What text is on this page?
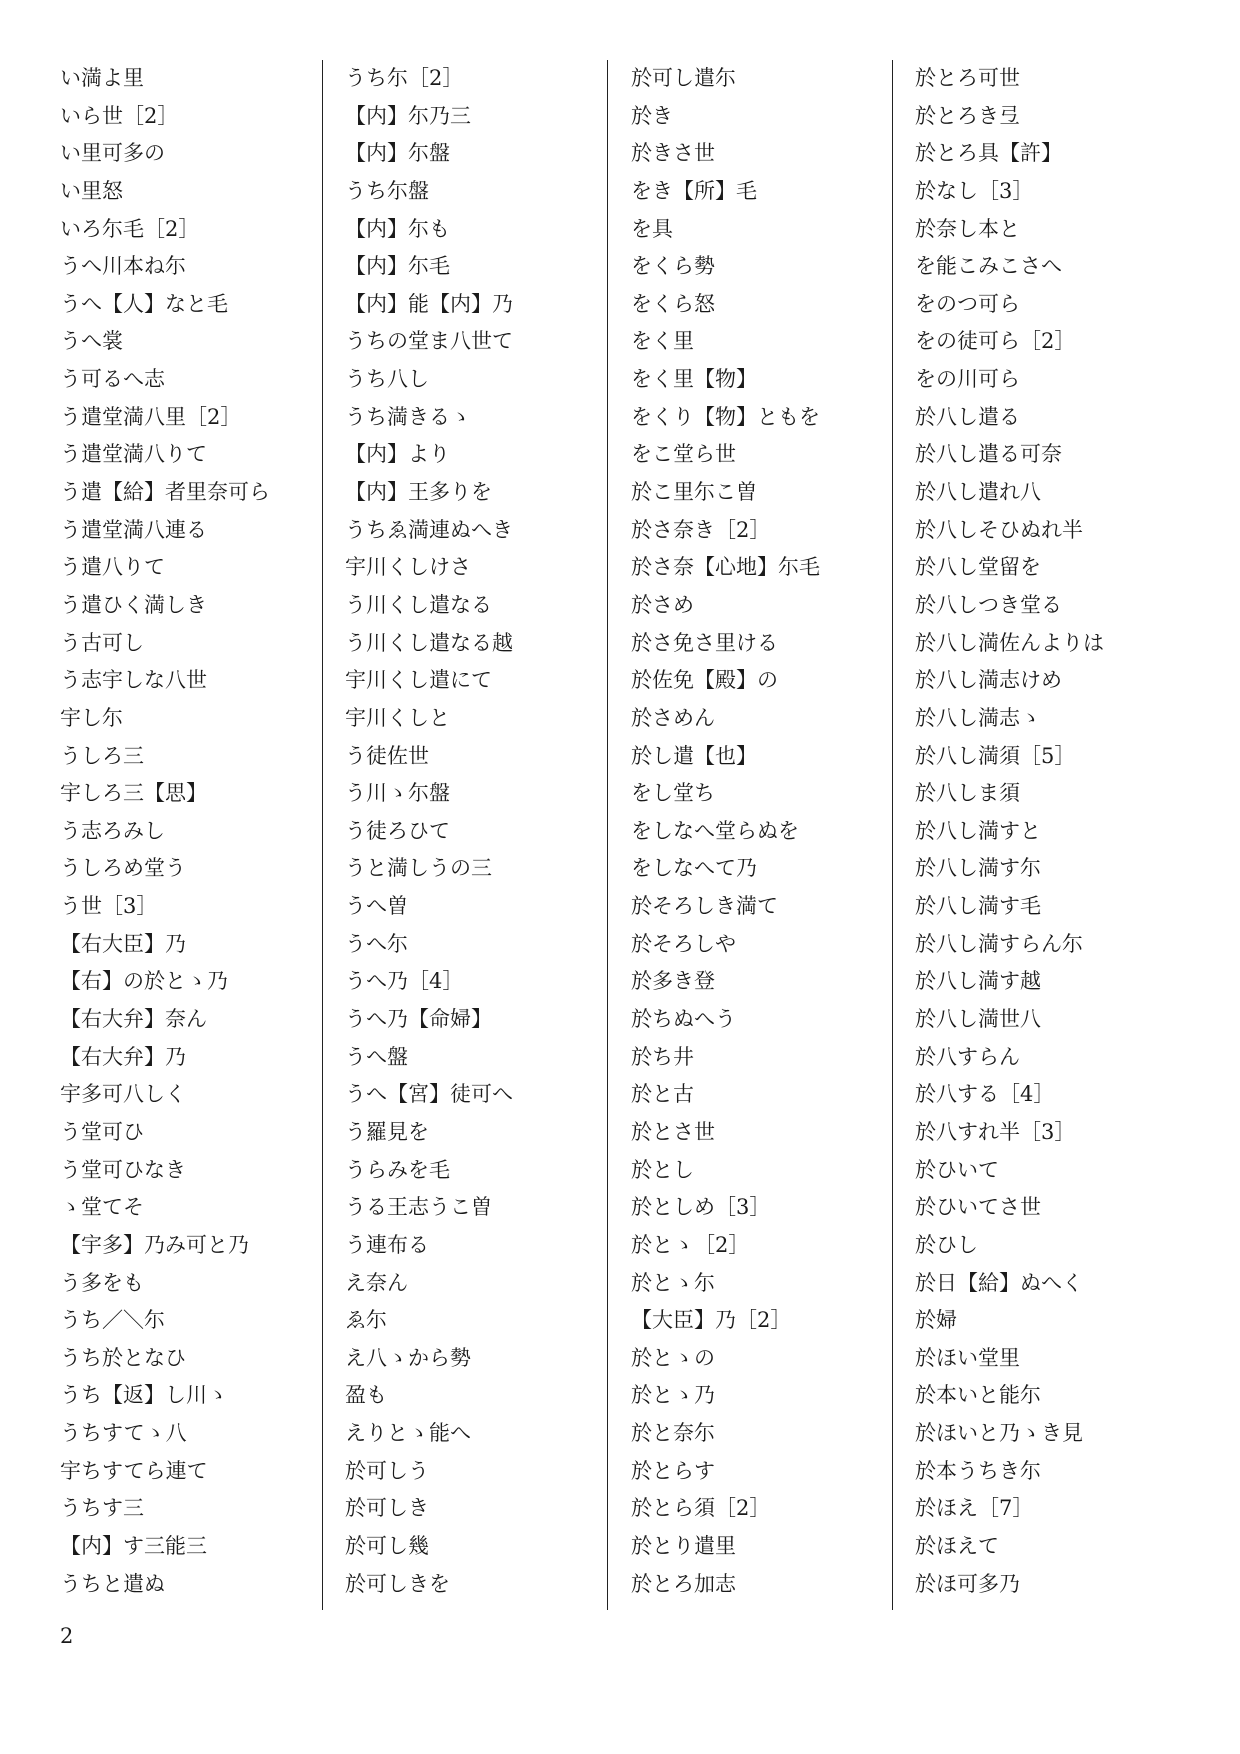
い満よ里
いら世［2］
い里可多の
い里怒
いろ尓毛［2］
うへ川本ね尓
うへ【人】なと毛
うへ裳
う可るへ志
う遣堂満八里［2］
う遣堂満八りて
う遣【給】者里奈可ら
う遣堂満八連る
う遣八りて
う遣ひく満しき
う古可し
う志宇しな八世
宇し尓
うしろ三
宇しろ三【思】
う志ろみし
うしろめ堂う
う世［3］
【右大臣】乃
【右】の於とゝ乃
【右大弁】奈ん
【右大弁】乃
宇多可八しく
う堂可ひ
う堂可ひなき
ゝ堂てそ
【宇多】乃み可と乃
う多をも
うち／＼尓
うち於となひ
うち【返】し川ゝ
うちすてゝ八
宇ちすてら連て
うちす三
【内】す三能三
うちと遣ぬ
うち尓［2］
【内】尓乃三
【内】尓盤
うち尓盤
【内】尓も
【内】尓毛
【内】能【内】乃
うちの堂ま八世て
うち八し
うち満きるゝ
【内】より
【内】王多りを
うちゑ満連ぬへき
宇川くしけさ
う川くし遣なる
う川くし遣なる越
宇川くし遣にて
宇川くしと
う徒佐世
う川ゝ尓盤
う徒ろひて
うと満しうの三
うへ曽
うへ尓
うへ乃［4］
うへ乃【命婦】
うへ盤
うへ【宮】徒可へ
う羅見を
うらみを毛
うる王志うこ曽
う連布る
え奈ん
ゑ尓
え八ゝから勢
盈も
えりとゝ能へ
於可しう
於可しき
於可し幾
於可しきを
於可し遣尓
於き
於きさ世
をき【所】毛
を具
をくら勢
をくら怒
をく里
をく里【物】
をくり【物】ともを
をこ堂ら世
於こ里尓こ曽
於さ奈き［2］
於さ奈【心地】尓毛
於さめ
於さ免さ里ける
於佐免【殿】の
於さめん
於し遣【也】
をし堂ち
をしなへ堂らぬを
をしなへて乃
於そろしき満て
於そろしや
於多き登
於ちぬへう
於ち井
於と古
於とさ世
於とし
於としめ［3］
於とゝ［2］
於とゝ尓
【大臣】乃［2］
於とゝの
於とゝ乃
於と奈尓
於とらす
於とら須［2］
於とり遣里
於とろ加志
於とろ可世
於とろき弖
於とろ具【許】
於なし［3］
於奈し本と
を能こみこさへ
をのつ可ら
をの徒可ら［2］
をの川可ら
於八し遣る
於八し遣る可奈
於八し遣れ八
於八しそひぬれ半
於八し堂留を
於八しつき堂る
於八し満佐んよりは
於八し満志けめ
於八し満志ゝ
於八し満須［5］
於八しま須
於八し満すと
於八し満す尓
於八し満す毛
於八し満すらん尓
於八し満す越
於八し満世八
於八すらん
於八する［4］
於八すれ半［3］
於ひいて
於ひいてさ世
於ひし
於日【給】ぬへく
於婦
於ほい堂里
於本いと能尓
於ほいと乃ゝき見
於本うちき尓
於ほえ［7］
於ほえて
於ほ可多乃
2
